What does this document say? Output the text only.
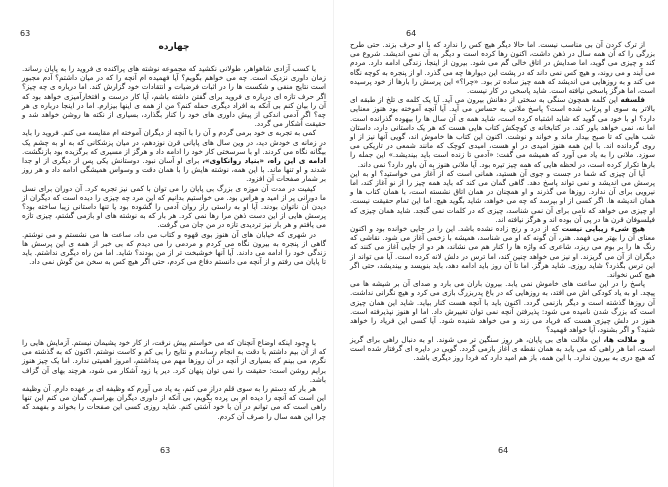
63
چهارده

با کسب آزادی شاهواهر، طولانی نکشید که مجموعه نوشته های پراکنده ی فروید را به پایان رساند. زمان داوری نزدیک است. چه می خواهم بگویم؟ آیا فهمیده ام آنچه را که در میان داشتم؟ آدم مجبور است نتایج منفی و شکست ها را در اثبات فرضیات و انتقادات خود گزارش کند. اما درباره ی چه چیز؟ اگر حرف تازه ای درباره ی فروید برای گفتن داشته باشم، آیا کار درست و افتخارآمیزی خواهد بود که آن را بیان کنم بی آنکه به افراد دیگری حمله کنم؟ من از همه ی اینها بیزارم. اما در اینجا درباره ی هر چه؟ اگر آدمی اندکی از پیش داوری های خود را کنار بگذارد، بسیاری از نکته ها روشن خواهد شد و حقیقت آشکار می گردد.

کمی به تجربه ی خود برمی گردم و آن را با آنچه از دیگران آموخته ام مقایسه می کنم. فروید را باید در زمانه ی خودش دید، در وین سال های پایانی قرن نوزدهم، در میان پزشکانی که به او به چشم یک بیگانه نگاه می کردند. او با سرسختی کار خود را ادامه داد و هرگز از مسیری که برگزیده بود بازنگشت. ادامه ی این راه، «بنیاد روانکاوی»، برای او آسان نبود. دوستانش یکی پس از دیگری از او جدا شدند و او تنها ماند. با این همه، نوشته هایش را با همان دقت و وسواس همیشگی ادامه داد و هر روز بر شمار صفحات آن افزود.

کیفیت در مدت آن موزه ی بزرگ بی پایان را می توان با کمی نیز تجربه کرد. آن دوران برای نسل ما دورانی پر از امید و هراس بود. می خواستیم بدانیم که این مرد چه چیزی را دیده است که دیگران از دیدن آن ناتوان بودند. آیا او به راستی راز روان آدمی را گشوده بود یا تنها داستانی زیبا ساخته بود؟ پرسش هایی از این دست ذهن مرا رها نمی کرد. هر بار که به نوشته های او بازمی گشتم، چیزی تازه می یافتم و هر بار نیز تردیدی تازه در من جان می گرفت.

در شهری که خیابان های آن هنوز بوی قهوه و کتاب می داد، ساعت ها می نشستم و می نوشتم. گاهی از پنجره به بیرون نگاه می کردم و مردمی را می دیدم که بی خبر از همه ی این پرسش ها زندگی خود را ادامه می دادند. آیا آنها خوشبخت تر از من بودند؟ شاید. اما من راه دیگری نداشتم. باید تا پایان می رفتم و از آنچه می دانستم دفاع می کردم، حتی اگر هیچ کس به سخن من گوش نمی داد.

با وجود اینکه اوضاع آنچنان که می خواستم پیش نرفت، از کار خود پشیمان نیستم. آزمایش هایی را که از آن بیم داشتم با دقت به انجام رساندم و نتایج را بی کم و کاست نوشتم. اکنون که به گذشته می نگرم، می بینم که بسیاری از آنچه در آن روزها مهم می پنداشتم، امروز اهمیتی ندارد. اما یک چیز هنوز برایم روشن است: حقیقت را نمی توان پنهان کرد. دیر یا زود آشکار می شود، هرچند بهای آن گزاف باشد.

هر بار که دستم را به سوی قلم دراز می کنم، به یاد می آورم که وظیفه ای بر عهده دارم. آن وظیفه این است که آنچه را دیده ام بی پرده بگویم، بی آنکه از داوری دیگران بهراسم. گمان می کنم این تنها راهی است که می توانم در آن با خود آشتی کنم. شاید روزی کسی این صفحات را بخواند و بفهمد که چرا این همه سال را صرف آن کردم.

63
64

از ترک کردن آن بی مناسب نیست. اما حالا دیگر هیچ کس را ندارد که با او حرف بزند. حتی طرح بزرگی را که آن همه سال در ذهن داشت، اکنون رها کرده است و دیگر به آن نمی اندیشد. شروع می کند و چیزی می گوید، اما صدایش در اتاق خالی گم می شود. بیرون از اینجا، زندگی ادامه دارد. مردم می آیند و می روند، و هیچ کس نمی داند که در پشت این دیوارها چه می گذرد. او از پنجره به کوچه نگاه می کند و به روزهایی می اندیشد که همه چیز ساده تر بود. «چرا؟» این پرسش را بارها از خود پرسیده است، اما هرگز پاسخی نیافته است. شاید پاسخی در کار نیست.

فلسفه این کلمه همچون سنگی به سختی از دهانش بیرون می آید. آیا یک کلمه ی تلخ از طبقه ای بالاتر به سوی او پرتاب شده است؟ پاسخ ملانی به حساس می آید. آیا آنچه آموخته بود هنوز معنایی دارد؟ او با خود می گوید که شاید اشتباه کرده است، شاید همه ی آن سال ها را بیهوده گذرانده است. اما نه، نمی خواهد باور کند. در کتابخانه ی کوچکش کتاب هایی هست که هر یک داستانی دارد، داستان شب هایی که تا صبح بیدار ماند و خواند و نوشت. اکنون این کتاب ها خاموش اند، گویی آنها نیز از او روی گردانده اند. با این همه هنوز امیدی در او هست، امیدی کوچک که مانند شمعی در تاریکی می سوزد. ملانی را به یاد می آورد که همیشه می گفت: «آدمی تا زنده است باید بیندیشد.» این جمله را بارها تکرار کرده است، در لحظه هایی که همه چیز تیره بود. آیا ملانی هنوز به آن باور دارد؟ نمی داند.

آیا آن چیزی که شما در جست و جوی آن هستید، همانی است که از آغاز می خواستید؟ او به این پرسش می اندیشد و نمی تواند پاسخ دهد. گاهی گمان می کند که باید همه چیز را از نو آغاز کند، اما نیرویی برای آن ندارد. روزها می گذرند و او همچنان در همان اتاق نشسته است، با همان کتاب ها و همان اندیشه ها. اگر کسی از او بپرسد که چه می خواهد، شاید بگوید هیچ. اما این تمام حقیقت نیست. او چیزی می خواهد که نامی برای آن نمی شناسد، چیزی که در کلمات نمی گنجد. شاید همان چیزی که فیلسوفان قرن ها در پی آن بوده اند و هرگز نیافته اند.

هیچ شیء زیبایی نیست که از درد و رنج زاده نشده باشد. این را در جایی خوانده بود و اکنون معنای آن را بهتر می فهمد. هنر، آن گونه که او می شناسد، همیشه با زخمی آغاز می شود. نقاشی که رنگ ها را بر بوم می ریزد، شاعری که واژه ها را کنار هم می نشاند، هر دو از جایی آغاز می کنند که دیگران از آن می گریزند. او نیز می خواهد چنین کند، اما ترس در دلش لانه کرده است. آیا می تواند از این ترس بگذرد؟ شاید روزی. شاید هرگز. اما تا آن روز باید ادامه دهد، باید بنویسد و بیندیشد، حتی اگر هیچ کس نخواند.

پاسخ را در این ساعت های خاموش نمی یابد. بیرون باران می بارد و صدای آن بر شیشه ها می پیچد. او به یاد کودکی اش می افتد، به روزهایی که در باغ پدربزرگ بازی می کرد و هیچ نگرانی نداشت. آن روزها گذشته است و دیگر بازنمی گردد. اکنون باید با آنچه هست کنار بیاید. شاید این همان چیزی است که بزرگ شدن نامیده می شود: پذیرفتن آنچه نمی توان تغییرش داد. اما او هنوز نپذیرفته است. هنوز در دلش چیزی هست که فریاد می زند و می خواهد شنیده شود. آیا کسی این فریاد را خواهد شنید؟ و اگر بشنود، آیا خواهد فهمید؟

و ملالت ها، این ملالت های بی پایان، هر روز سنگین تر می شوند. او به دنبال راهی برای گریز است، اما هر راهی که می یابد به همان نقطه ی آغاز بازمی گردد. گویی در دایره ای گرفتار شده است که هیچ دری به بیرون ندارد. با این همه، باز هم امید دارد که فردا روز دیگری باشد.

64
